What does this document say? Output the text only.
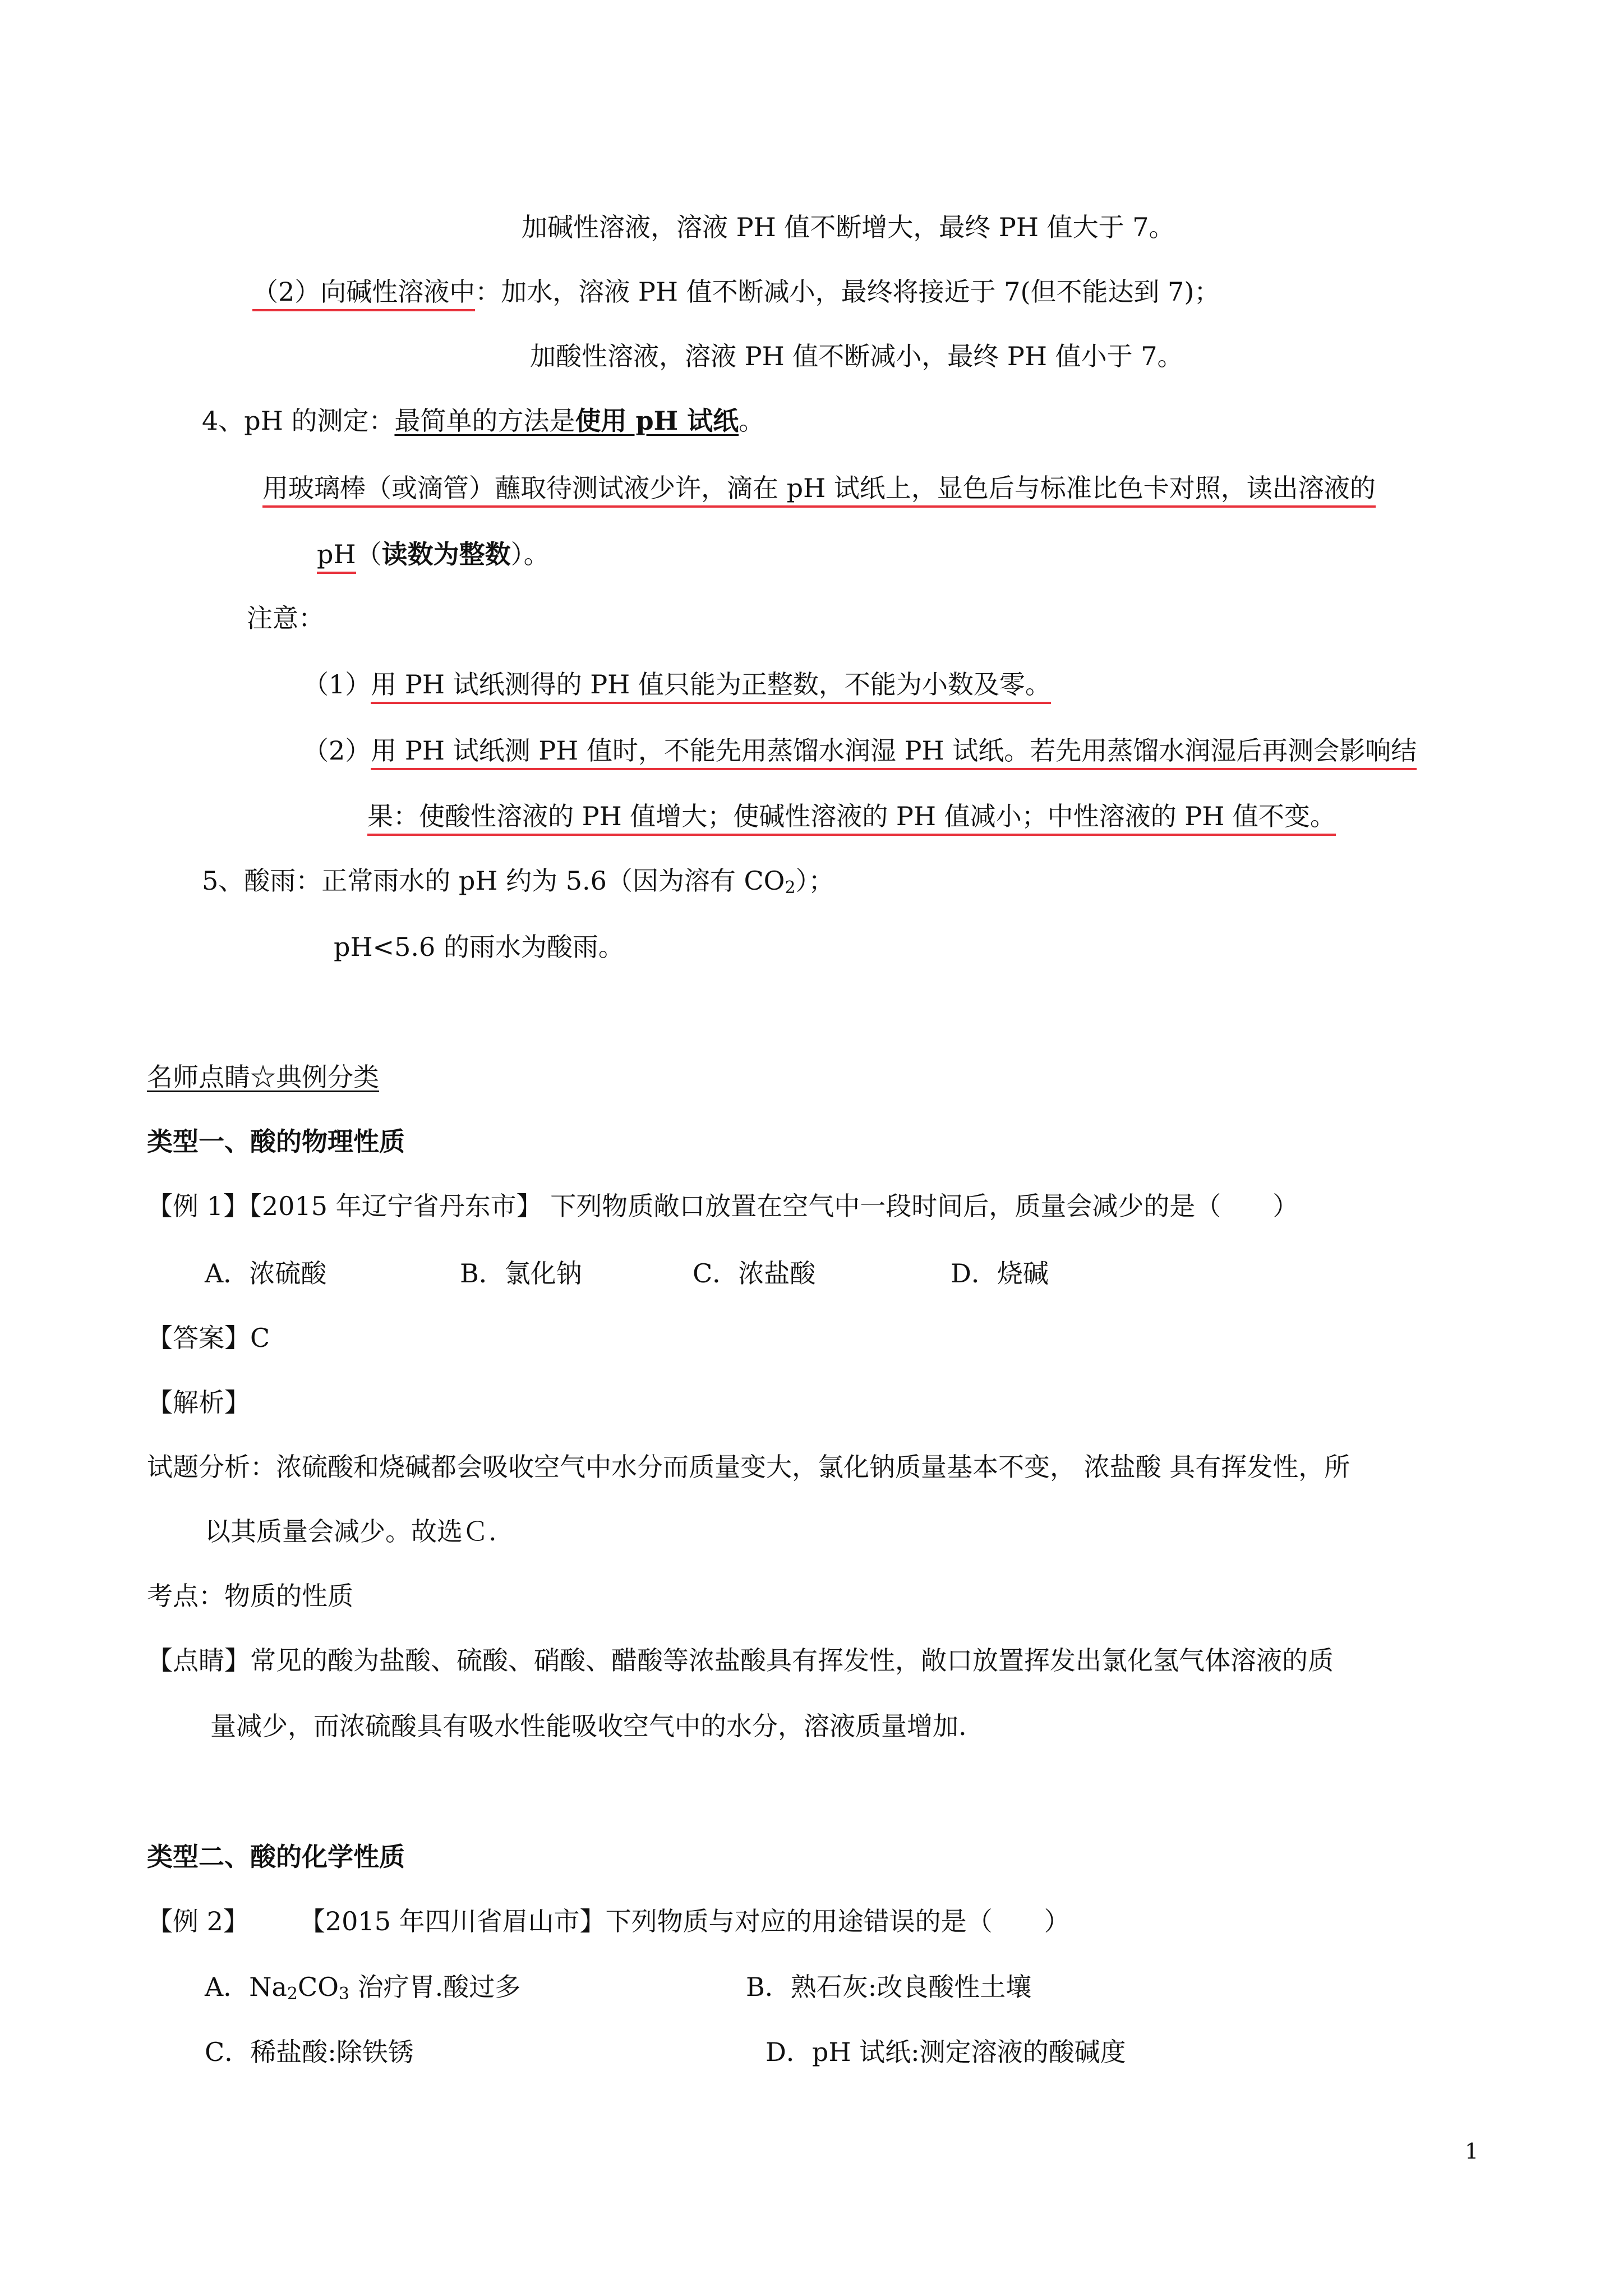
加碱性溶液，溶液 PH 值不断增大，最终 PH 值大于 7。
（2）向碱性溶液中：加水，溶液 PH 值不断减小，最终将接近于 7(但不能达到 7)；
加酸性溶液，溶液 PH 值不断减小，最终 PH 值小于 7。
4、pH 的测定：最简单的方法是使用 pH 试纸。
用玻璃棒（或滴管）蘸取待测试液少许，滴在 pH 试纸上，显色后与标准比色卡对照，读出溶液的
pH（读数为整数）。
注意：
（1）用 PH 试纸测得的 PH 值只能为正整数，不能为小数及零。
（2）用 PH 试纸测 PH 值时，不能先用蒸馏水润湿 PH 试纸。若先用蒸馏水润湿后再测会影响结
果：使酸性溶液的 PH 值增大；使碱性溶液的 PH 值减小；中性溶液的 PH 值不变。
5、酸雨：正常雨水的 pH 约为 5.6（因为溶有 $CO_2$）；
pH<5.6 的雨水为酸雨。
名师点睛☆典例分类
类型一、酸的物理性质
【例 1】【2015 年辽宁省丹东市】 下列物质敞口放置在空气中一段时间后，质量会减少的是（　　）
A．浓硫酸	B．氯化钠	C．浓盐酸	D．烧碱
【答案】C
【解析】
试题分析：浓硫酸和烧碱都会吸收空气中水分而质量变大，氯化钠质量基本不变， 浓盐酸 具有挥发性，所
以其质量会减少。故选Ｃ.
考点：物质的性质
【点睛】常见的酸为盐酸、硫酸、硝酸、醋酸等浓盐酸具有挥发性，敞口放置挥发出氯化氢气体溶液的质
量减少，而浓硫酸具有吸水性能吸收空气中的水分，溶液质量增加.
类型二、酸的化学性质
【例 2】 【2015 年四川省眉山市】下列物质与对应的用途错误的是（　　）
A．$Na_2CO_3$ 治疗胃.酸过多	B．熟石灰:改良酸性土壤
C．稀盐酸:除铁锈	D．pH 试纸:测定溶液的酸碱度
1
